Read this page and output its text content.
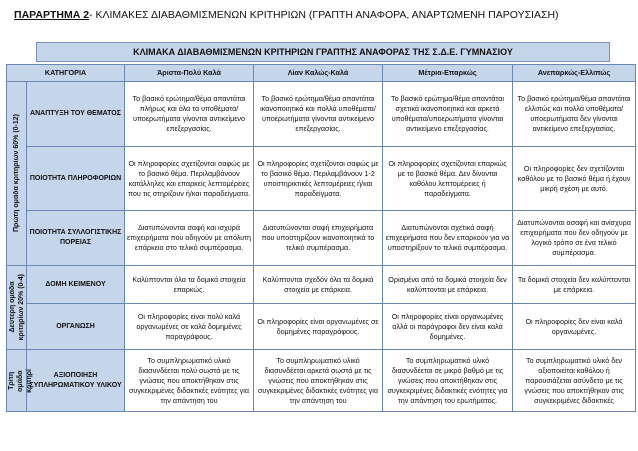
ΠΑΡΑΡΤΗΜΑ 2- ΚΛΙΜΑΚΕΣ ΔΙΑΒΑΘΜΙΣΜΕΝΩΝ ΚΡΙΤΗΡΙΩΝ (ΓΡΑΠΤΗ ΑΝΑΦΟΡΑ, ΑΝΑΡΤΩΜΕΝΗ ΠΑΡΟΥΣΙΑΣΗ)
ΚΛΙΜΑΚΑ ΔΙΑΒΑΘΜΙΣΜΕΝΩΝ ΚΡΙΤΗΡΙΩΝ ΓΡΑΠΤΗΣ ΑΝΑΦΟΡΑΣ ΤΗΣ Σ.Δ.Ε. ΓΥΜΝΑΣΙΟΥ
ΚΑΤΗΓΟΡΙΑ		Άριστα-Πολύ Καλά	Λίαν Καλώς-Καλά	Μέτρια-Επαρκώς	Ανεπαρκώς-Ελλιπώς

Πρώτη ομάδα κριτηρίων 60% (0-12)	ΑΝΑΠΤΥΞΗ ΤΟΥ ΘΕΜΑΤΟΣ	Το βασικό ερώτημα/θέμα απαντάται πλήρως και όλα τα υποθέματα/υποερωτήματα γίνονται αντικείμενο επεξεργασίας.	Το βασικό ερώτημα/θέμα απαντάται ικανοποιητικά και πολλά υποθέματα/υποερωτήματα γίνονται αντικείμενο επεξεργασίας.	Το βασικό ερώτημα/θέμα απαντάται σχετικά ικανοποιητικά και αρκετά υποθέματα/υποερωτήματα γίνονται αντικείμενο επεξεργασίας.	Το βασικό ερώτημα/θέμα απαντάται ελλιπώς και πολλά υποθέματα/υποερωτήματα δεν γίνονται αντικείμενο επεξεργασίας.
	ΠΟΙΟΤΗΤΑ ΠΛΗΡΟΦΟΡΙΩΝ	Οι πληροφορίες σχετίζονται σαφώς με το βασικό θέμα. Περιλαμβάνουν κατάλληλες και επαρκείς λεπτομέρειες που τις στηρίζουν ή/και παραδείγματα.	Οι πληροφορίες σχετίζονται σαφώς με το βασικό θέμα. Περιλαμβάνουν 1-2 υποστηρικτικές λεπτομέρειες ή/και παραδείγματα.	Οι πληροφορίες σχετίζονται επαρκώς με το βασικό θέμα. Δεν δίνονται καθόλου λεπτομέρειες ή παραδείγματα.	Οι πληροφορίες δεν σχετίζονται καθόλου με το βασικό θέμα ή έχουν μικρή σχέση με αυτό.
	ΠΟΙΟΤΗΤΑ ΣΥΛΛΟΓΙΣΤΙΚΗΣ ΠΟΡΕΙΑΣ	Διατυπώνονται σαφή και ισχυρά επιχειρήματα που οδηγούν με απόλυτη επάρκεια στο τελικό συμπέρασμα.	Διατυπώνονται σαφή επιχειρήματα που υποστηρίζουν ικανοποιητικά το τελικό συμπέρασμα.	Διατυπώνονται σχετικά σαφή επιχειρήματα που δεν επαρκούν για να υποστηρίξουν το τελικό συμπέρασμα.	Διατυπώνονται ασαφή και ανίσχυρα επιχειρήματα που δεν οδηγούν με λογικό τρόπο σε ένα τελικό συμπέρασμα.

Δεύτερη ομάδα
κριτηρίων 20% (0-4)	ΔΟΜΗ ΚΕΙΜΕΝΟΥ	Καλύπτονται όλα τα δομικά στοιχεία επαρκώς.	Καλύπτονται σχεδόν όλα τα δομικά στοιχεία με επάρκεια.	Ορισμένα από τα δομικά στοιχεία δεν καλύπτονται με επάρκεια.	Τα δομικά στοιχεία δεν καλύπτονται με επάρκεια.
	ΟΡΓΑΝΩΣΗ	Οι πληροφορίες είναι πολύ καλά οργανωμένες σε καλά δομημένες παραγράφους.	Οι πληροφορίες είναι οργανωμένες σε δομημένες παραγράφους.	Οι πληροφορίες είναι οργανωμένες αλλά οι παράγραφοι δεν είναι καλά δομημένες.	Οι πληροφορίες δεν είναι καλά οργανωμένες.

Τρίτη
ομάδα
κριτηρί	ΑΞΙΟΠΟΙΗΣΗ ΣΥΠΛΗΡΩΜΑΤΙΚΟΥ ΥΛΙΚΟΥ	Το συμπληρωματικό υλικό διασυνδέεται πολύ σωστά με τις γνώσεις που αποκτήθηκαν στις συγκεκριμένες διδακτικές ενότητες για την απάντηση του	Το συμπληρωματικό υλικό διασυνδέεται αρκετά σωστά με τις γνώσεις που αποκτήθηκαν στις συγκεκριμένες διδακτικές ενότητες για την απάντηση του	Το συμπληρωματικό υλικό διασυνδέεται σε μικρό βαθμό με τις γνώσεις που αποκτήθηκαν στις συγκεκριμένες διδακτικές ενότητες για την απάντηση του ερωτήματος.	Το συμπληρωματικό υλικό δεν αξιοποιείται καθόλου ή παρουσιάζεται ασύνδετο με τις γνώσεις που αποκτήθηκαν στις συγκεκριμένες διδακτικές
